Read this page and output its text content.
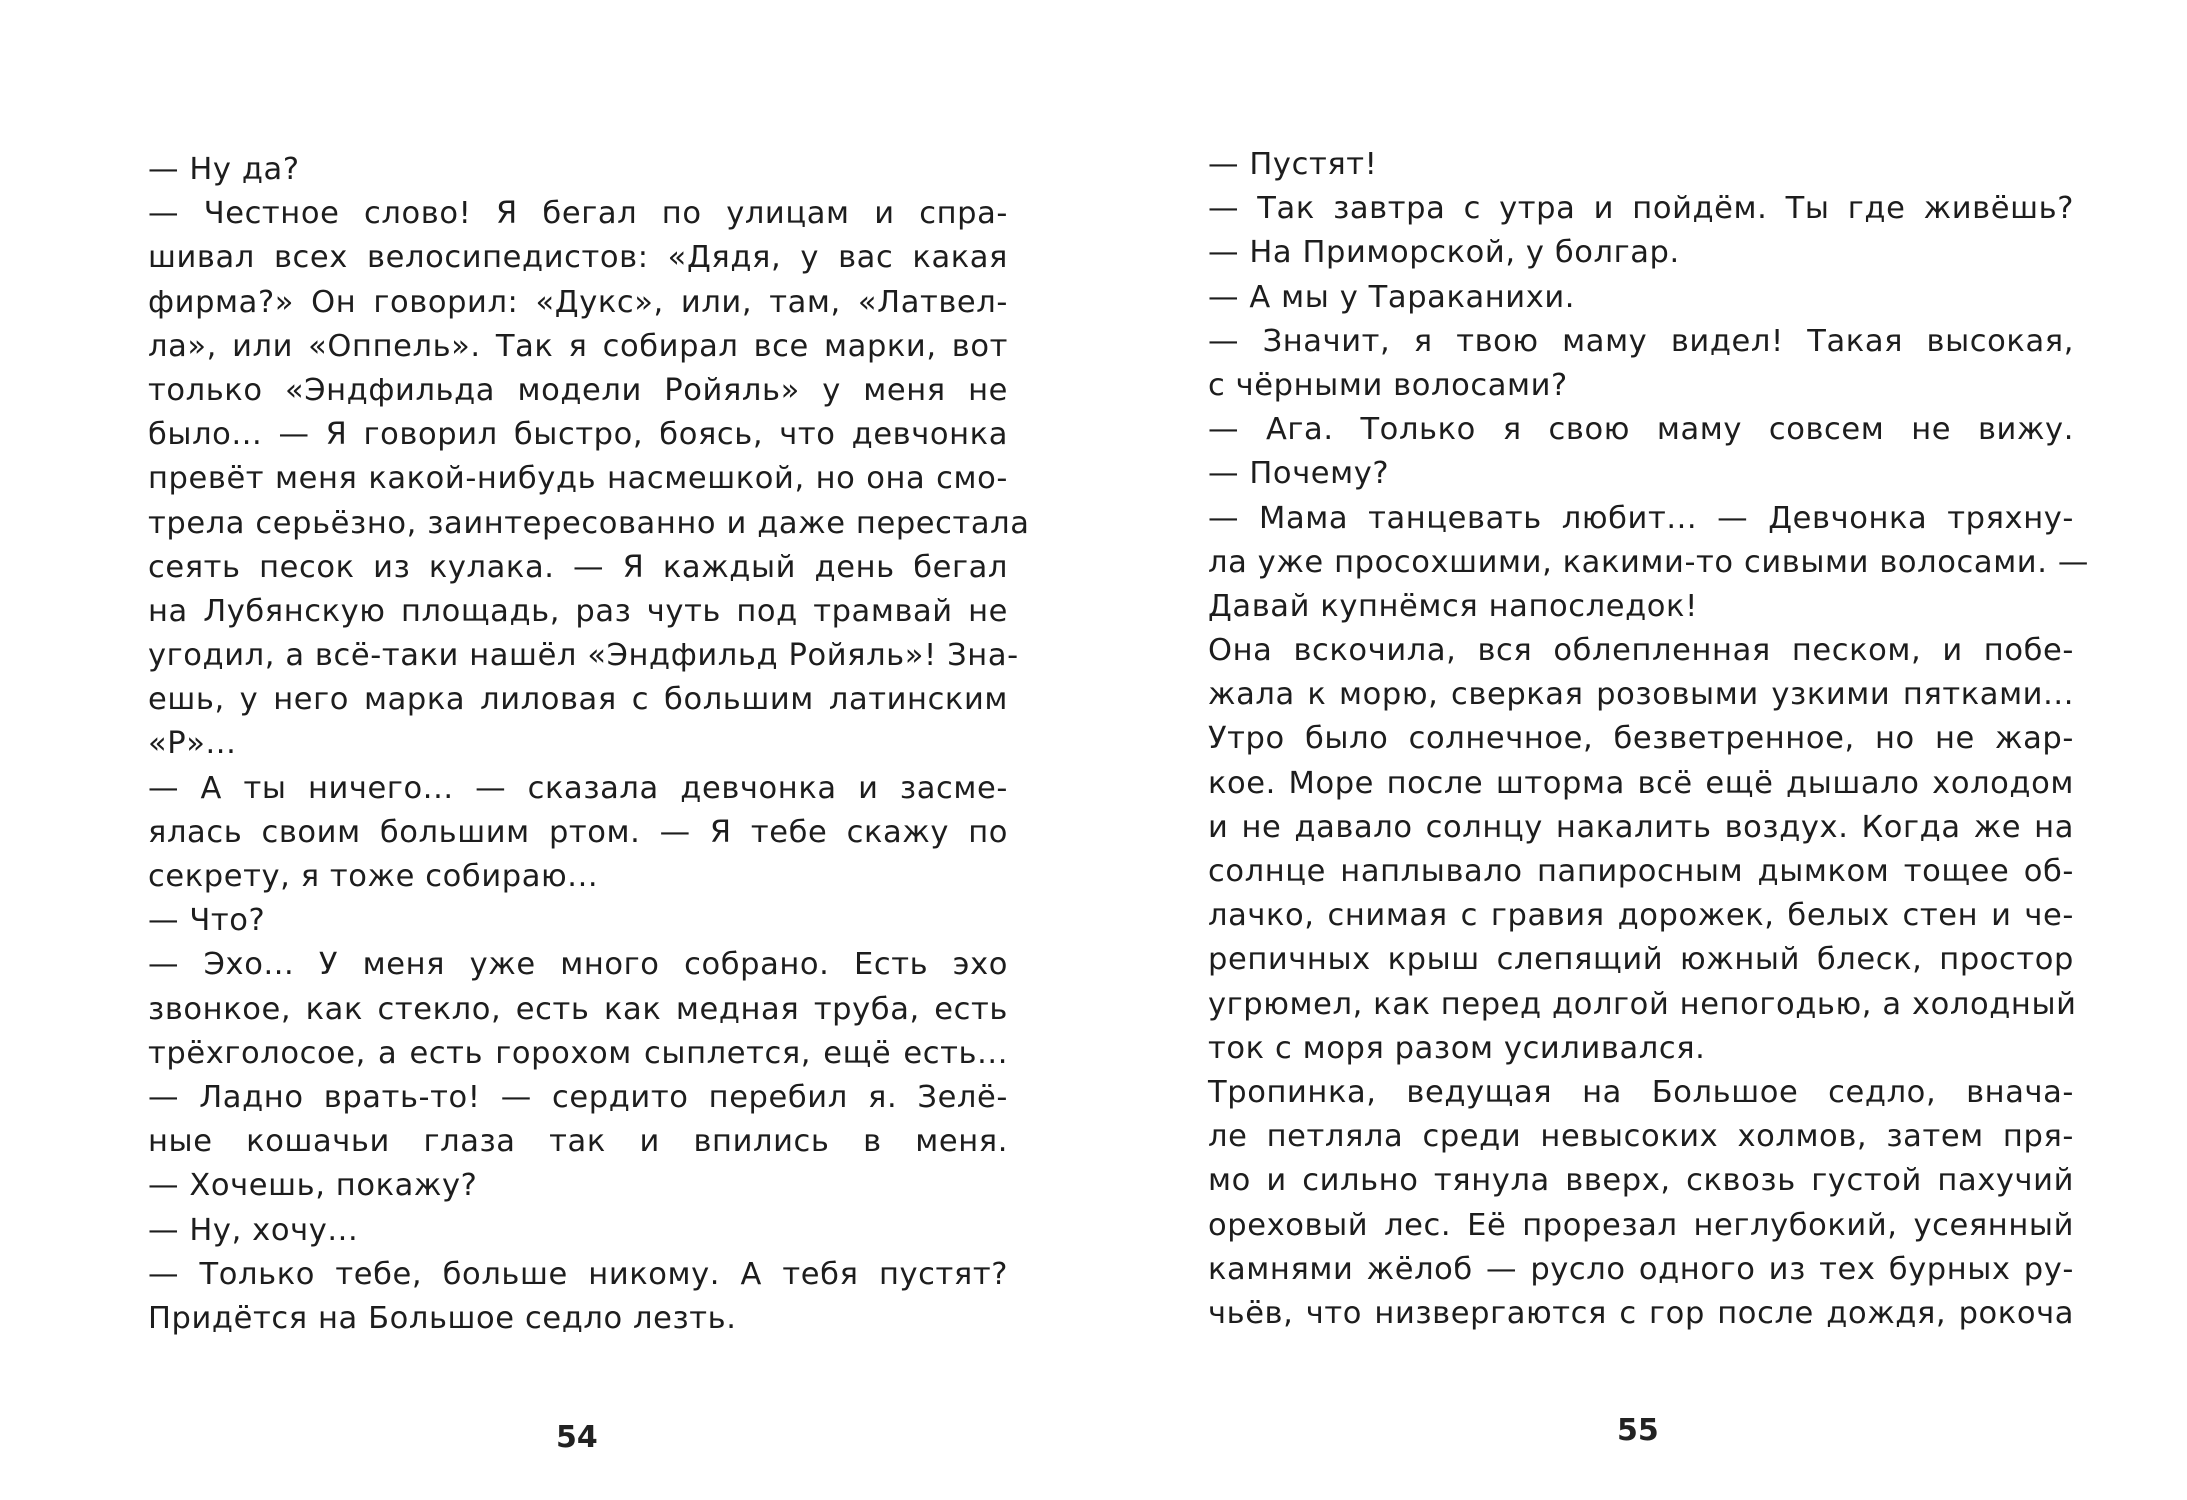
— Ну да?
— Честное слово! Я бегал по улицам и спра-
шивал всех велосипедистов: «Дядя, у вас какая
фирма?» Он говорил: «Дукс», или, там, «Латвел-
ла», или «Оппель». Так я собирал все марки, вот
только «Эндфильда модели Ройяль» у меня не
было... — Я говорил быстро, боясь, что девчонка
превёт меня какой-нибудь насмешкой, но она смо-
трела серьёзно, заинтересованно и даже перестала
сеять песок из кулака. — Я каждый день бегал
на Лубянскую площадь, раз чуть под трамвай не
угодил, а всё-таки нашёл «Эндфильд Ройяль»! Зна-
ешь, у него марка лиловая с большим латинским
«Р»...
— А ты ничего... — сказала девчонка и засме-
ялась своим большим ртом. — Я тебе скажу по
секрету, я тоже собираю...
— Что?
— Эхо... У меня уже много собрано. Есть эхо
звонкое, как стекло, есть как медная труба, есть
трёхголосое, а есть горохом сыплется, ещё есть...
— Ладно врать-то! — сердито перебил я. Зелё-
ные кошачьи глаза так и впились в меня.
— Хочешь, покажу?
— Ну, хочу...
— Только тебе, больше никому. А тебя пустят?
Придётся на Большое седло лезть.
— Пустят!
— Так завтра с утра и пойдём. Ты где живёшь?
— На Приморской, у болгар.
— А мы у Тараканихи.
— Значит, я твою маму видел! Такая высокая,
с чёрными волосами?
— Ага. Только я свою маму совсем не вижу.
— Почему?
— Мама танцевать любит... — Девчонка тряхну-
ла уже просохшими, какими-то сивыми волосами. —
Давай купнёмся напоследок!
Она вскочила, вся облепленная песком, и побе-
жала к морю, сверкая розовыми узкими пятками...
Утро было солнечное, безветренное, но не жар-
кое. Море после шторма всё ещё дышало холодом
и не давало солнцу накалить воздух. Когда же на
солнце наплывало папиросным дымком тощее об-
лачко, снимая с гравия дорожек, белых стен и че-
репичных крыш слепящий южный блеск, простор
угрюмел, как перед долгой непогодью, а холодный
ток с моря разом усиливался.
Тропинка, ведущая на Большое седло, внача-
ле петляла среди невысоких холмов, затем пря-
мо и сильно тянула вверх, сквозь густой пахучий
ореховый лес. Её прорезал неглубокий, усеянный
камнями жёлоб — русло одного из тех бурных ру-
чьёв, что низвергаются с гор после дождя, рокоча
54	55
